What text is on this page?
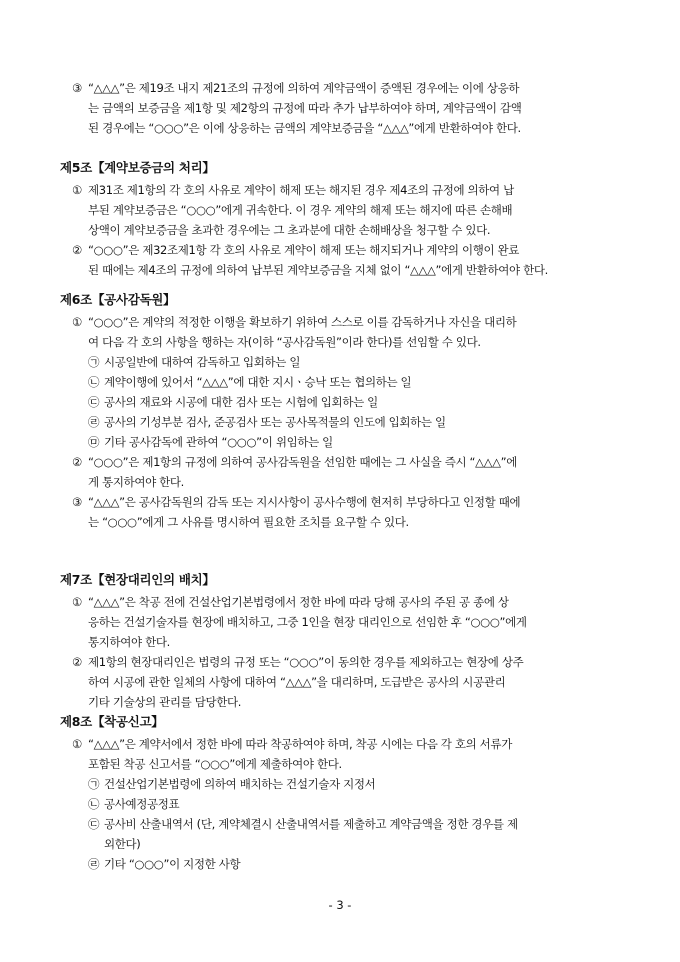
③ “△△△”은 제19조 내지 제21조의 규정에 의하여 계약금액이 증액된 경우에는 이에 상응하
는 금액의 보증금을 제1항 및 제2항의 규정에 따라 추가 납부하여야 하며, 계약금액이 감액
된 경우에는 “○○○”은 이에 상응하는 금액의 계약보증금을 “△△△”에게 반환하여야 한다.
제5조【계약보증금의 처리】
① 제31조 제1항의 각 호의 사유로 계약이 해제 또는 해지된 경우 제4조의 규정에 의하여 납
부된 계약보증금은 “○○○”에게 귀속한다. 이 경우 계약의 해제 또는 해지에 따른 손해배
상액이 계약보증금을 초과한 경우에는 그 초과분에 대한 손해배상을 청구할 수 있다.
② “○○○”은 제32조제1항 각 호의 사유로 계약이 해제 또는 해지되거나 계약의 이행이 완료
된 때에는 제4조의 규정에 의하여 납부된 계약보증금을 지체 없이 “△△△”에게 반환하여야 한다.
제6조【공사감독원】
① “○○○”은 계약의 적정한 이행을 확보하기 위하여 스스로 이를 감독하거나 자신을 대리하
여 다음 각 호의 사항을 행하는 자(이하 “공사감독원”이라 한다)를 선임할 수 있다.
㉠ 시공일반에 대하여 감독하고 입회하는 일
㉡ 계약이행에 있어서 “△△△”에 대한 지시ㆍ승낙 또는 협의하는 일
㉢ 공사의 재료와 시공에 대한 검사 또는 시험에 입회하는 일
㉣ 공사의 기성부분 검사, 준공검사 또는 공사목적물의 인도에 입회하는 일
㉤ 기타 공사감독에 관하여 “○○○”이 위임하는 일
② “○○○”은 제1항의 규정에 의하여 공사감독원을 선임한 때에는 그 사실을 즉시 “△△△”에
게 통지하여야 한다.
③ “△△△”은 공사감독원의 감독 또는 지시사항이 공사수행에 현저히 부당하다고 인정할 때에
는 “○○○”에게 그 사유를 명시하여 필요한 조치를 요구할 수 있다.
제7조【현장대리인의 배치】
① “△△△”은 착공 전에 건설산업기본법령에서 정한 바에 따라 당해 공사의 주된 공 종에 상
응하는 건설기술자를 현장에 배치하고, 그중 1인을 현장 대리인으로 선임한 후 “○○○”에게
통지하여야 한다.
② 제1항의 현장대리인은 법령의 규정 또는 “○○○”이 동의한 경우를 제외하고는 현장에 상주
하여 시공에 관한 일체의 사항에 대하여 “△△△”을 대리하며, 도급받은 공사의 시공관리
기타 기술상의 관리를 담당한다.
제8조【착공신고】
① “△△△”은 계약서에서 정한 바에 따라 착공하여야 하며, 착공 시에는 다음 각 호의 서류가
포함된 착공 신고서를 “○○○”에게 제출하여야 한다.
㉠ 건설산업기본법령에 의하여 배치하는 건설기술자 지정서
㉡ 공사예정공정표
㉢ 공사비 산출내역서 (단, 계약체결시 산출내역서를 제출하고 계약금액을 정한 경우를 제
외한다)
㉣ 기타 “○○○”이 지정한 사항
- 3 -
